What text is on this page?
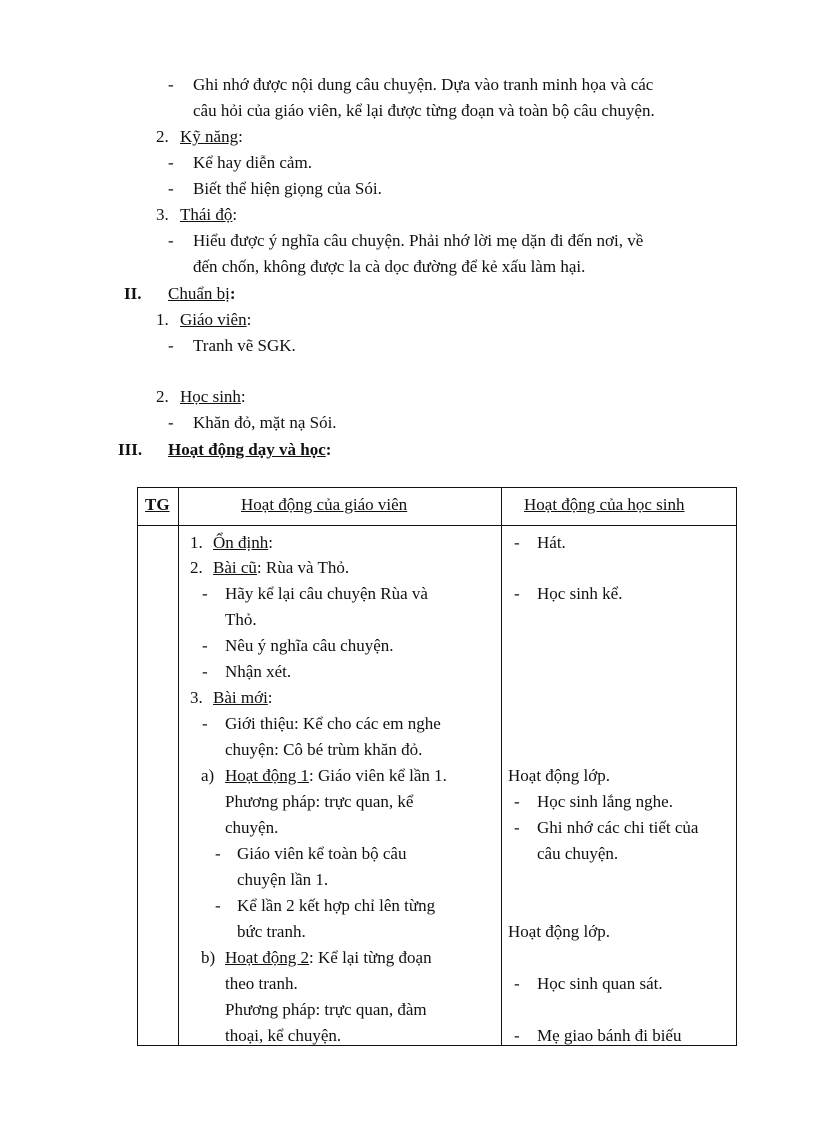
- Ghi nhớ được nội dung câu chuyện. Dựa vào tranh minh họa và các
câu hỏi của giáo viên, kể lại được từng đoạn và toàn bộ câu chuyện.
2. Kỹ năng:
- Kể hay diễn cảm.
- Biết thể hiện giọng của Sói.
3. Thái độ:
- Hiểu được ý nghĩa câu chuyện. Phải nhớ lời mẹ dặn đi đến nơi, về
đến chốn, không được la cà dọc đường để kẻ xấu làm hại.
II. Chuẩn bị:
1. Giáo viên:
- Tranh vẽ SGK.
2. Học sinh:
- Khăn đỏ, mặt nạ Sói.
III. Hoạt động dạy và học:
TG	Hoạt động của giáo viên	Hoạt động của học sinh
1. Ổn định:
2. Bài cũ: Rùa và Thỏ.
- Hãy kể lại câu chuyện Rùa và
Thỏ.
- Nêu ý nghĩa câu chuyện.
- Nhận xét.
3. Bài mới:
- Giới thiệu: Kể cho các em nghe
chuyện: Cô bé trùm khăn đỏ.
a) Hoạt động 1: Giáo viên kể lần 1.
Phương pháp: trực quan, kể
chuyện.
- Giáo viên kể toàn bộ câu
chuyện lần 1.
- Kể lần 2 kết hợp chỉ lên từng
bức tranh.
b) Hoạt động 2: Kể lại từng đoạn
theo tranh.
Phương pháp: trực quan, đàm
thoại, kể chuyện.
- Hát.
- Học sinh kể.
Hoạt động lớp.
- Học sinh lắng nghe.
- Ghi nhớ các chi tiết của
câu chuyện.
Hoạt động lớp.
- Học sinh quan sát.
- Mẹ giao bánh đi biếu
